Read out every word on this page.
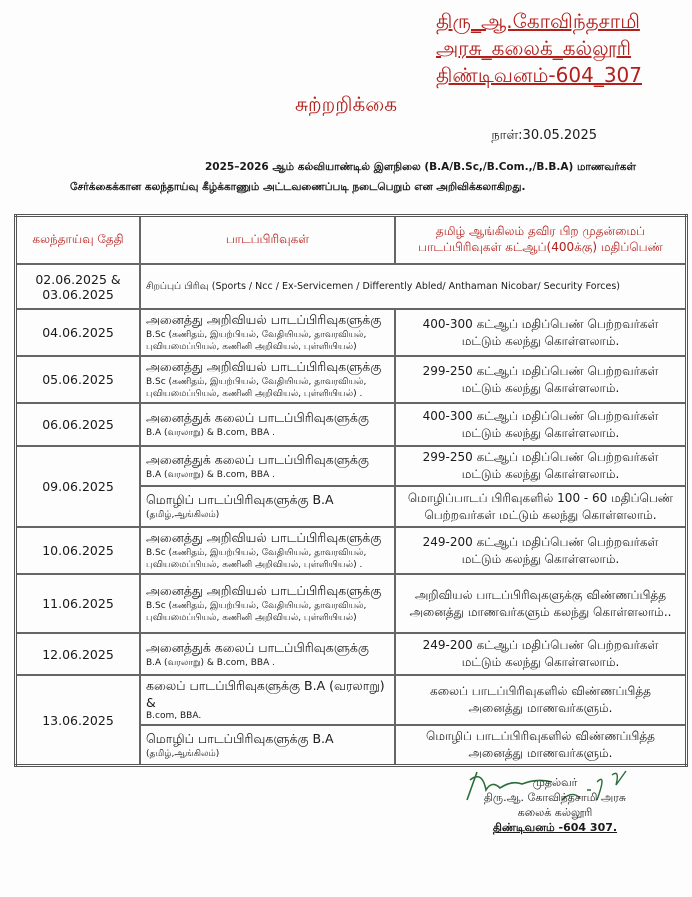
திரு_ஆ.கோவிந்தசாமி
அரசு_கலைக்_கல்லூரி
திண்டிவனம்-604_307
சுற்றறிக்கை
நாள்:30.05.2025

2025–2026 ஆம் கல்வியாண்டில் இளநிலை (B.A/B.Sc,/B.Com.,/B.B.A) மாணவர்கள்

சேர்க்கைக்கான கலந்தாய்வு கீழ்க்காணும் அட்டவணைப்படி நடைபெறும் என அறிவிக்கலாகிறது.

கலந்தாய்வு தேதி	பாடப்பிரிவுகள்	தமிழ் ஆங்கிலம் தவிர பிற முதன்மைப் பாடப்பிரிவுகள் கட்ஆப்(400க்கு) மதிப்பெண்
02.06.2025 & 03.06.2025	சிறப்புப் பிரிவு (Sports / Ncc / Ex-Servicemen / Differently Abled/ Anthaman Nicobar/ Security Forces)	
04.06.2025	அனைத்து அறிவியல் பாடப்பிரிவுகளுக்கு
B.Sc (கணிதம், இயற்பியல், வேதியியல், தாவரவியல், புவியமைப்பியல், கணினி அறிவியல், புள்ளியியல்)	400-300 கட்ஆப் மதிப்பெண் பெற்றவர்கள் மட்டும் கலந்து கொள்ளலாம்.
05.06.2025	அனைத்து அறிவியல் பாடப்பிரிவுகளுக்கு
B.Sc (கணிதம், இயற்பியல், வேதியியல், தாவரவியல், புவியமைப்பியல், கணினி அறிவியல், புள்ளியியல்) .	299-250 கட்ஆப் மதிப்பெண் பெற்றவர்கள் மட்டும் கலந்து கொள்ளலாம்.
06.06.2025	அனைத்துக் கலைப் பாடப்பிரிவுகளுக்கு
B.A (வரலாறு) & B.com, BBA .	400-300 கட்ஆப் மதிப்பெண் பெற்றவர்கள் மட்டும் கலந்து கொள்ளலாம்.
09.06.2025	அனைத்துக் கலைப் பாடப்பிரிவுகளுக்கு
B.A (வரலாறு) & B.com, BBA .	299-250 கட்ஆப் மதிப்பெண் பெற்றவர்கள் மட்டும் கலந்து கொள்ளலாம்.

	மொழிப் பாடப்பிரிவுகளுக்கு B.A
(தமிழ்,ஆங்கிலம்)	மொழிப்பாடப் பிரிவுகளில் 100 - 60 மதிப்பெண் பெற்றவர்கள் மட்டும் கலந்து கொள்ளலாம்.
10.06.2025	அனைத்து அறிவியல் பாடப்பிரிவுகளுக்கு
B.Sc (கணிதம், இயற்பியல், வேதியியல், தாவரவியல், புவியமைப்பியல், கணினி அறிவியல், புள்ளியியல்) .	249-200 கட்ஆப் மதிப்பெண் பெற்றவர்கள் மட்டும் கலந்து கொள்ளலாம்.
11.06.2025	அனைத்து அறிவியல் பாடப்பிரிவுகளுக்கு
B.Sc (கணிதம், இயற்பியல், வேதியியல், தாவரவியல், புவியமைப்பியல், கணினி அறிவியல், புள்ளியியல்)	அறிவியல் பாடப்பிரிவுகளுக்கு விண்ணப்பித்த அனைத்து மாணவர்களும் கலந்து கொள்ளலாம்..
12.06.2025	அனைத்துக் கலைப் பாடப்பிரிவுகளுக்கு
B.A (வரலாறு) & B.com, BBA .	249-200 கட்ஆப் மதிப்பெண் பெற்றவர்கள் மட்டும் கலந்து கொள்ளலாம்.
13.06.2025	கலைப் பாடப்பிரிவுகளுக்கு B.A (வரலாறு) &
B.com, BBA.	கலைப் பாடப்பிரிவுகளில் விண்ணப்பித்த அனைத்து மாணவர்களும்.

	மொழிப் பாடப்பிரிவுகளுக்கு B.A
(தமிழ்,ஆங்கிலம்)	மொழிப் பாடப்பிரிவுகளில் விண்ணப்பித்த அனைத்து மாணவர்களும்.
முதல்வர்
திரு.ஆ. கோவிந்தசாமி அரசு
கலைக் கல்லூரி
திண்டிவனம் -604 307.
